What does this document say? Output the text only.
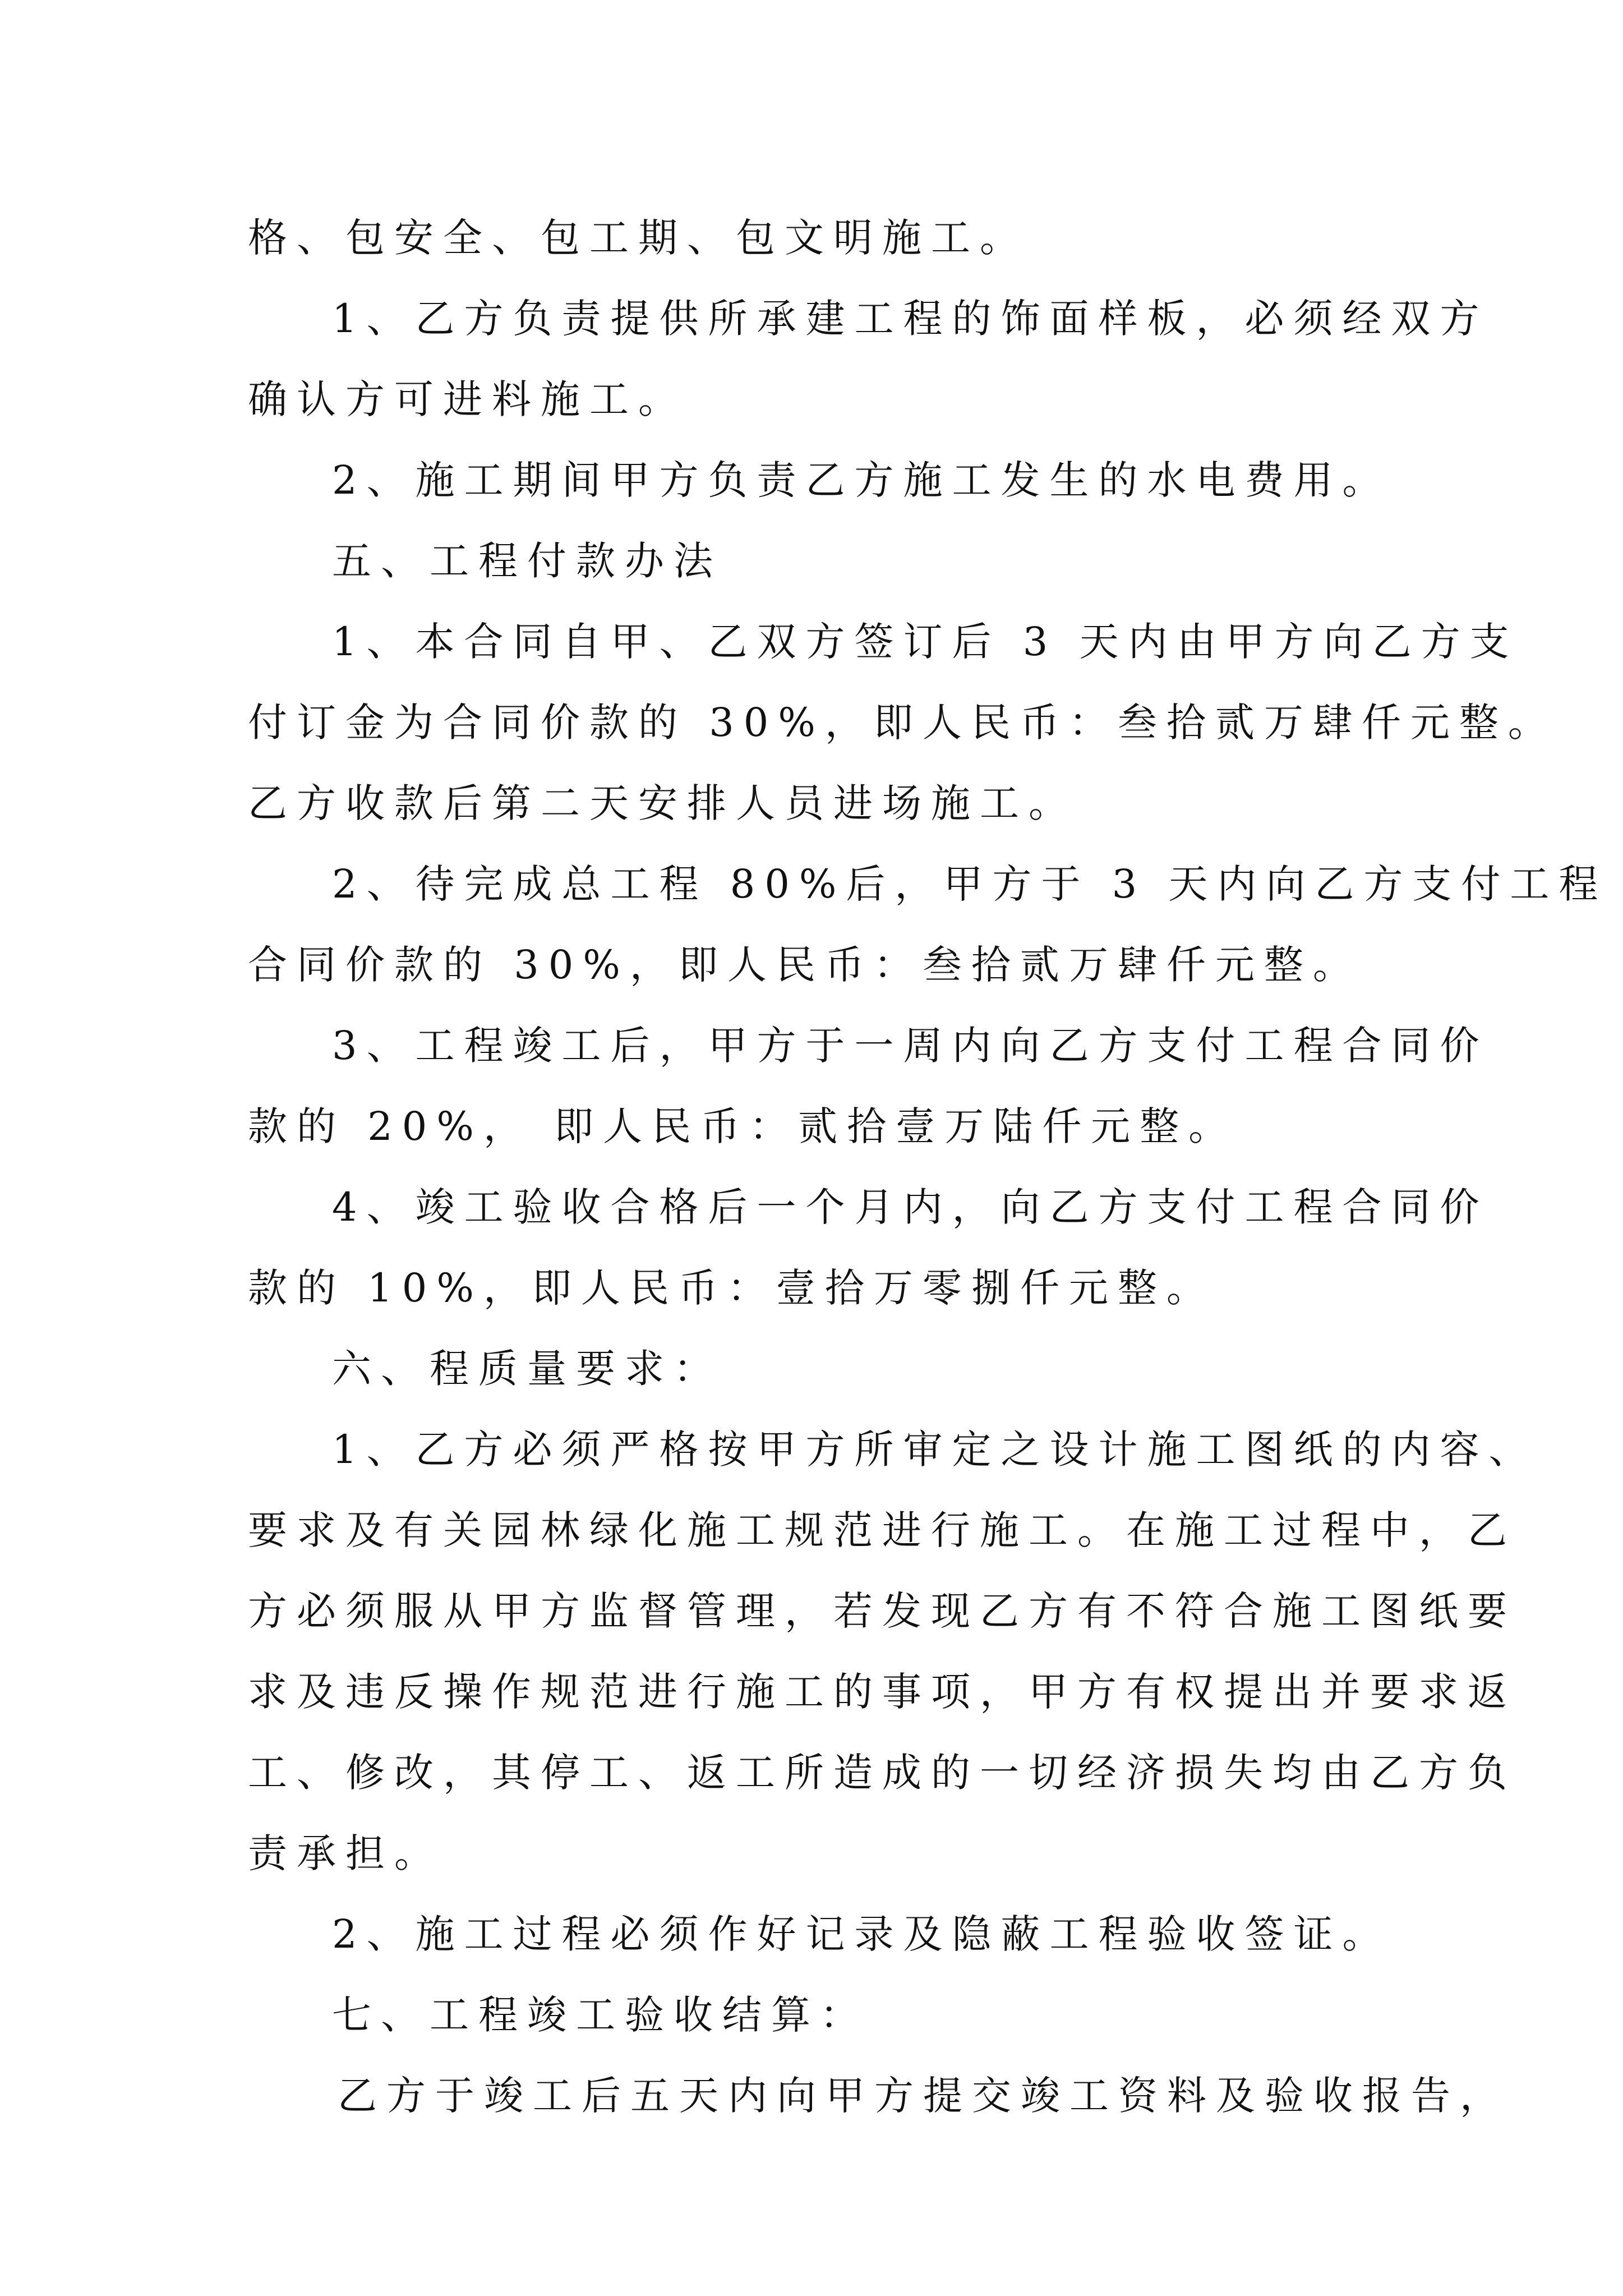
格、包安全、包工期、包文明施工。
1、乙方负责提供所承建工程的饰面样板，必须经双方
确认方可进料施工。
2、施工期间甲方负责乙方施工发生的水电费用。
五、工程付款办法
1、本合同自甲、乙双方签订后 3 天内由甲方向乙方支
付订金为合同价款的 30%，即人民币：叁拾贰万肆仟元整。
乙方收款后第二天安排人员进场施工。
2、待完成总工程 80%后，甲方于 3 天内向乙方支付工程
合同价款的 30%，即人民币：叁拾贰万肆仟元整。
3、工程竣工后，甲方于一周内向乙方支付工程合同价
款的 20%， 即人民币：贰拾壹万陆仟元整。
4、竣工验收合格后一个月内，向乙方支付工程合同价
款的 10%，即人民币：壹拾万零捌仟元整。
六、程质量要求：
1、乙方必须严格按甲方所审定之设计施工图纸的内容、
要求及有关园林绿化施工规范进行施工。在施工过程中，乙
方必须服从甲方监督管理，若发现乙方有不符合施工图纸要
求及违反操作规范进行施工的事项，甲方有权提出并要求返
工、修改，其停工、返工所造成的一切经济损失均由乙方负
责承担。
2、施工过程必须作好记录及隐蔽工程验收签证。
七、工程竣工验收结算：
乙方于竣工后五天内向甲方提交竣工资料及验收报告，
